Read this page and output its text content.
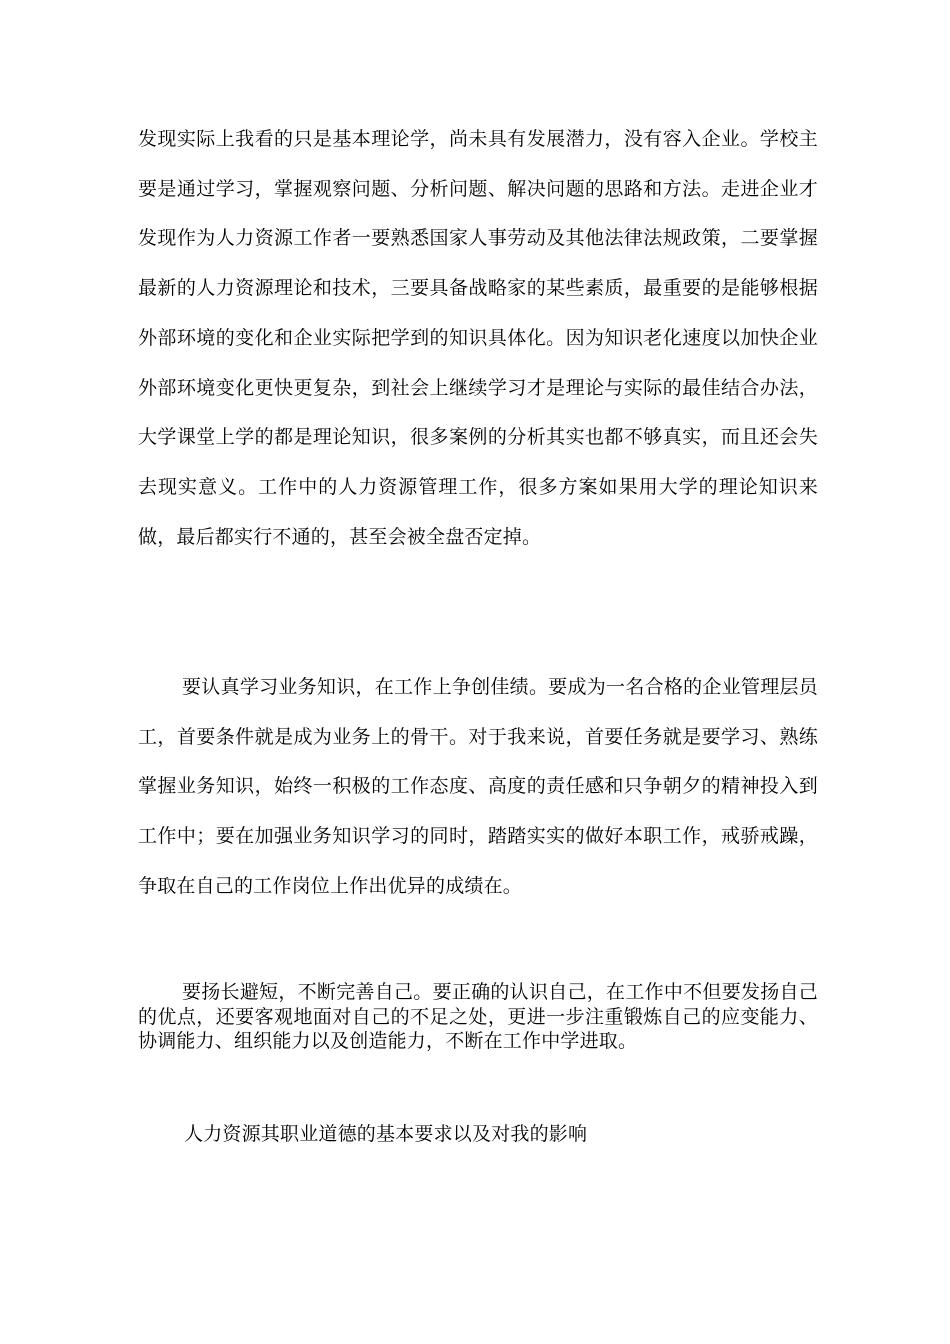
发现实际上我看的只是基本理论学，尚未具有发展潜力，没有容入企业。学校主要是通过学习，掌握观察问题、分析问题、解决问题的思路和方法。走进企业才发现作为人力资源工作者一要熟悉国家人事劳动及其他法律法规政策，二要掌握最新的人力资源理论和技术，三要具备战略家的某些素质，最重要的是能够根据外部环境的变化和企业实际把学到的知识具体化。因为知识老化速度以加快企业外部环境变化更快更复杂，到社会上继续学习才是理论与实际的最佳结合办法，大学课堂上学的都是理论知识，很多案例的分析其实也都不够真实，而且还会失去现实意义。工作中的人力资源管理工作，很多方案如果用大学的理论知识来做，最后都实行不通的，甚至会被全盘否定掉。

要认真学习业务知识，在工作上争创佳绩。要成为一名合格的企业管理层员工，首要条件就是成为业务上的骨干。对于我来说，首要任务就是要学习、熟练掌握业务知识，始终一积极的工作态度、高度的责任感和只争朝夕的精神投入到工作中；要在加强业务知识学习的同时，踏踏实实的做好本职工作，戒骄戒躁，争取在自己的工作岗位上作出优异的成绩在。

要扬长避短，不断完善自己。要正确的认识自己，在工作中不但要发扬自己的优点，还要客观地面对自己的不足之处，更进一步注重锻炼自己的应变能力、协调能力、组织能力以及创造能力，不断在工作中学进取。

人力资源其职业道德的基本要求以及对我的影响
